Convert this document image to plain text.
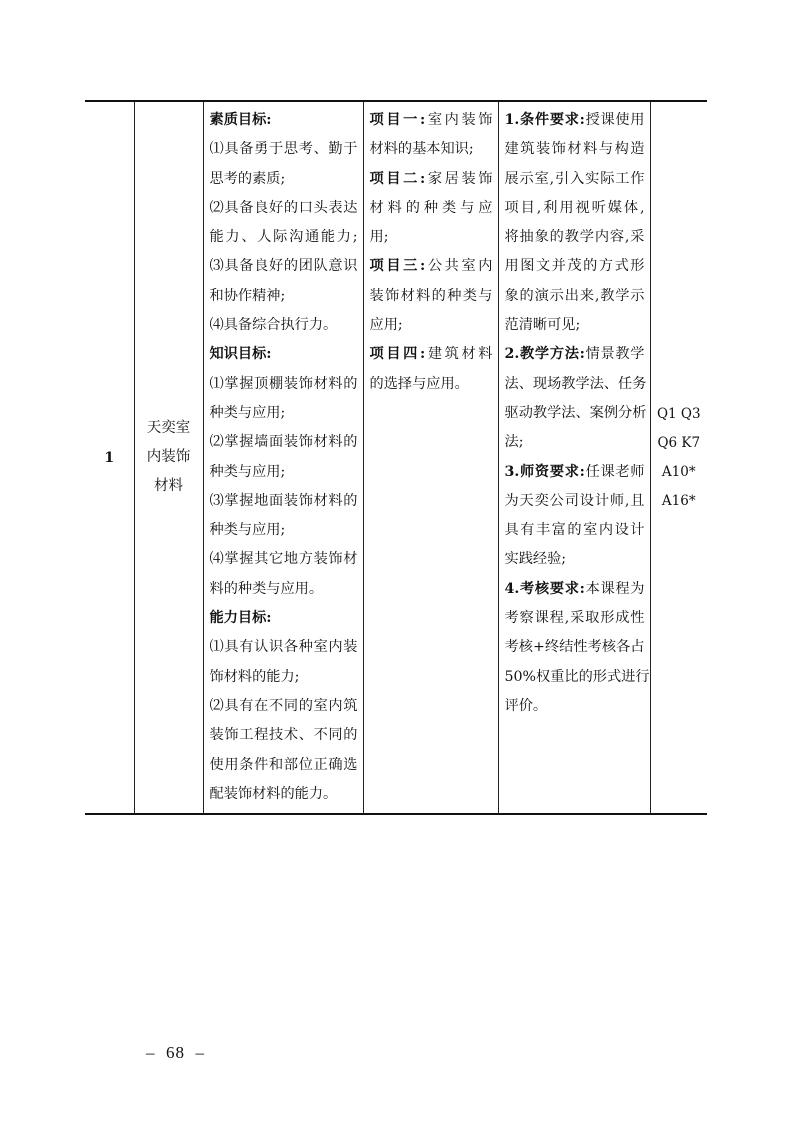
1	
天奕室
内装饰
材料

素质目标:
⑴具备勇于思考、勤于
思考的素质;
⑵具备良好的口头表达
能力、人际沟通能力;
⑶具备良好的团队意识
和协作精神;
⑷具备综合执行力。
知识目标:
⑴掌握顶棚装饰材料的
种类与应用;
⑵掌握墙面装饰材料的
种类与应用;
⑶掌握地面装饰材料的
种类与应用;
⑷掌握其它地方装饰材
料的种类与应用。
能力目标:
⑴具有认识各种室内装
饰材料的能力;
⑵具有在不同的室内筑
装饰工程技术、不同的
使用条件和部位正确选
配装饰材料的能力。

项目一:室内装饰
材料的基本知识;
项目二:家居装饰
材料的种类与应
用;
项目三:公共室内
装饰材料的种类与
应用;
项目四:建筑材料
的选择与应用。

1.条件要求:授课使用
建筑装饰材料与构造
展示室,引入实际工作
项目,利用视听媒体,
将抽象的教学内容,采
用图文并茂的方式形
象的演示出来,教学示
范清晰可见;
2.教学方法:情景教学
法、现场教学法、任务
驱动教学法、案例分析
法;
3.师资要求:任课老师
为天奕公司设计师,且
具有丰富的室内设计
实践经验;
4.考核要求:本课程为
考察课程,采取形成性
考核+终结性考核各占
50%权重比的形式进行
评价。

Q1 Q3
Q6 K7
A10*
A16*
–  68  –
